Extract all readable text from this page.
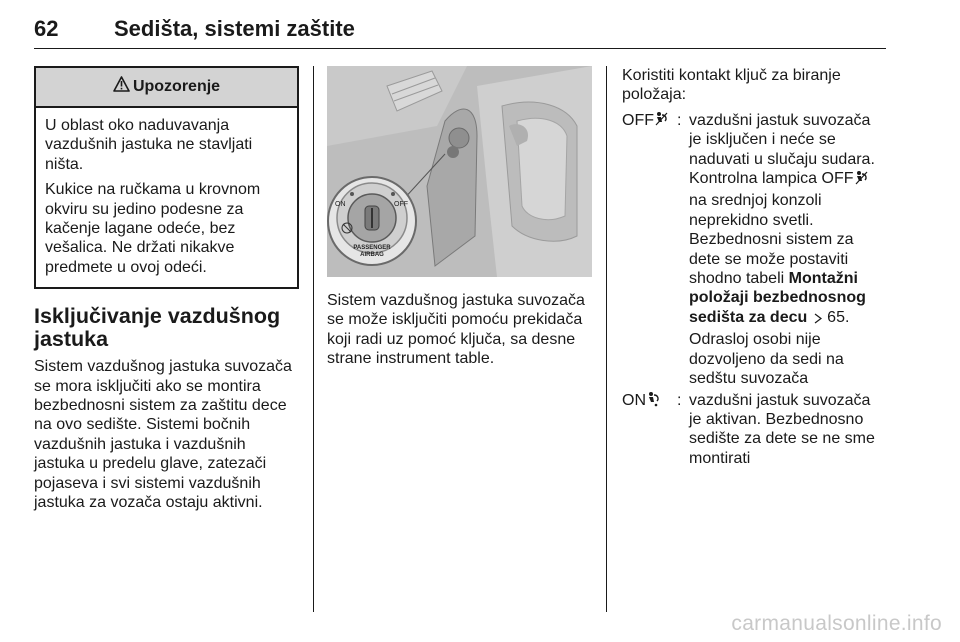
62	Sedišta, sistemi zaštite
Upozorenje

U oblast oko naduvavanja vazdušnih jastuka ne stavljati ništa.

Kukice na ručkama u krovnom okviru su jedino podesne za kačenje lagane odeće, bez vešalica. Ne držati nikakve predmete u ovoj odeći.

Isključivanje vazdušnog jastuka

Sistem vazdušnog jastuka suvozača se mora isključiti ako se montira bezbednosni sistem za zaštitu dece na ovo sedište. Sistemi bočnih vazdušnih jastuka i vazdušnih jastuka u predelu glave, zatezači pojaseva i svi sistemi vazdušnih jastuka za vozača ostaju aktivni.

ON	OFF
PASSENGER
AIRBAG

Sistem vazdušnog jastuka suvozača se može isključiti pomoću prekidača koji radi uz pomoć ključa, sa desne strane instrument table.

Koristiti kontakt ključ za biranje položaja:

OFF : vazdušni jastuk suvozača je isključen i neće se naduvati u slučaju sudara. Kontrolna lampica OFF na srednjoj konzoli neprekidno svetli. Bezbednosni sistem za dete se može postaviti shodno tabeli Montažni položaji bezbednosnog sedišta za decu  65.
Odrasloj osobi nije dozvoljeno da sedi na sedštu suvozača
ON : vazdušni jastuk suvozača je aktivan. Bezbednosno sedište za dete se ne sme montirati
carmanualsonline.info
